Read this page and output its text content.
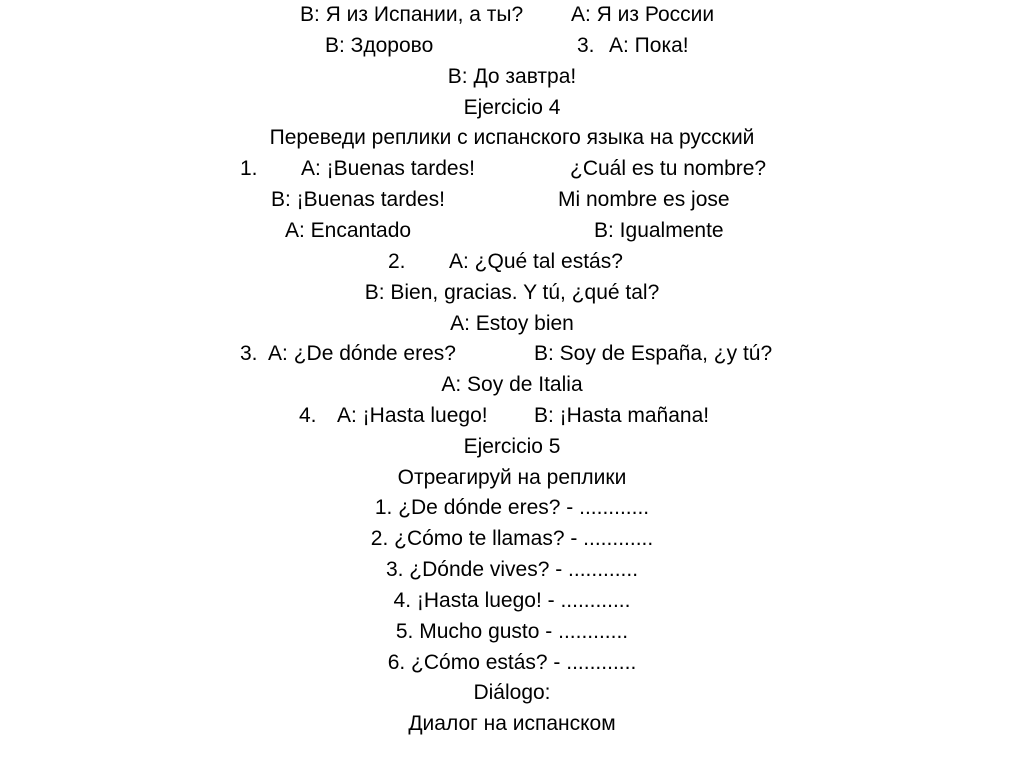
B: Я из Испании, а ты?

A: Я из России

B: Здорово

	3.

A: Пока!

B: До завтра!
Ejercicio 4
Переведи реплики с испанского языка на русский

1.

A: ¡Buenas tardes!

	¿Cuál es tu nombre?

B: ¡Buenas tardes!

	Mi nombre es jose

A: Encantado

	B: Igualmente

2.

A: ¿Qué tal estás?

B: Bien, gracias. Y tú, ¿qué tal?
A: Estoy bien

3.  A: ¿De dónde eres?

	B: Soy de España, ¿y tú?

A: Soy de Italia

4.

A: ¡Hasta luego!

B: ¡Hasta mañana!

Ejercicio 5
Отреагируй на реплики
1. ¿De dónde eres? - ............
2. ¿Cómo te llamas? - ............
3. ¿Dónde vives? - ............
4. ¡Hasta luego! - ............
5. Mucho gusto - ............
6. ¿Cómo estás? - ............
Diálogo:
Диалог на испанском
